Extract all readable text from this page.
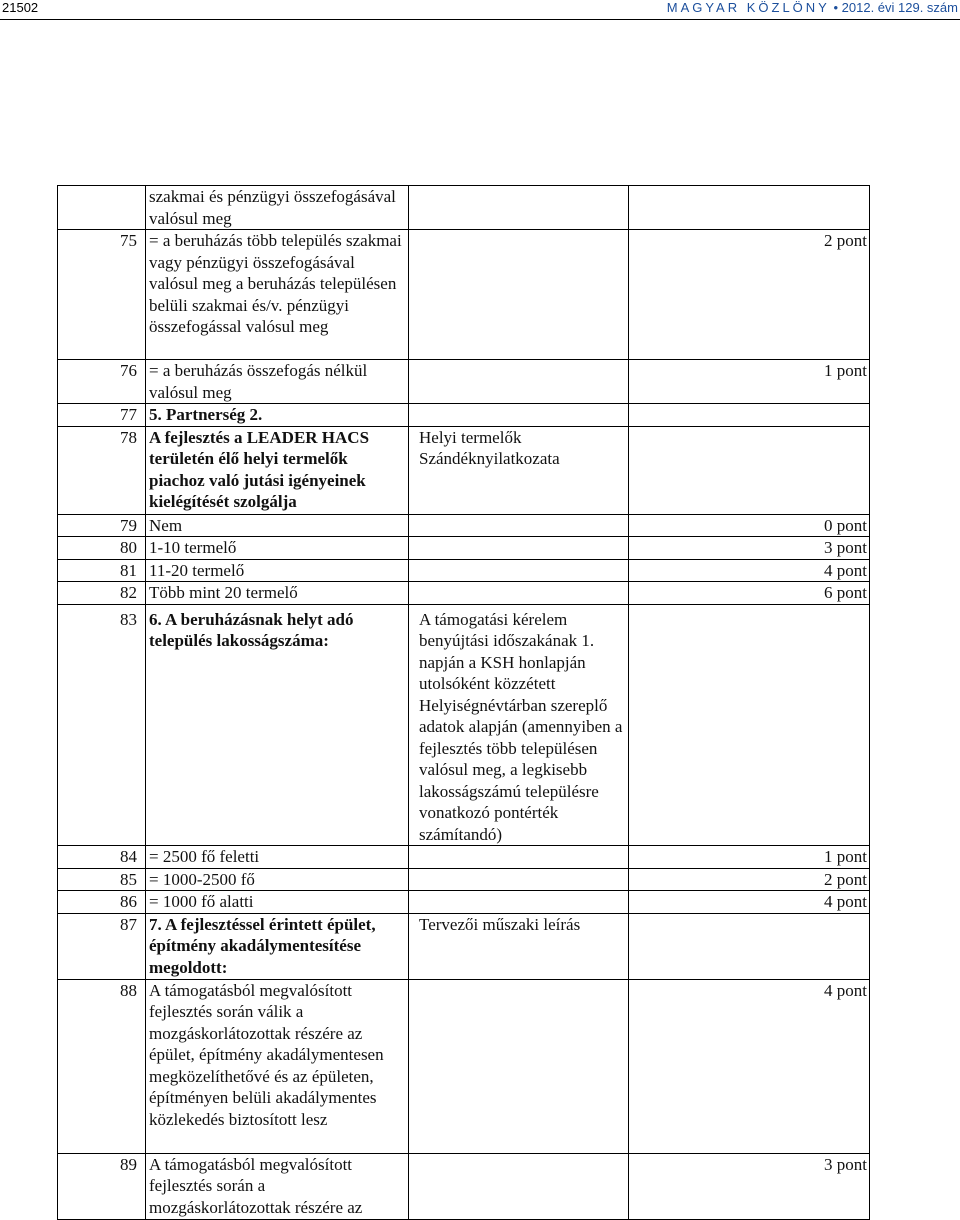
21502	MAGYAR KÖZLÖNY • 2012. évi 129. szám
	szakmai és pénzügyi összefogásával valósul meg		
75	= a beruházás több település szakmai vagy pénzügyi összefogásával valósul meg a beruházás településen belüli szakmai és/v. pénzügyi összefogással valósul meg		2 pont
76	= a beruházás összefogás nélkül valósul meg		1 pont
77	5. Partnerség 2.		
78	A fejlesztés a LEADER HACS területén élő helyi termelők piachoz való jutási igényeinek kielégítését szolgálja	Helyi termelők Szándéknyilatkozata	
79	Nem		0 pont
80	1-10 termelő		3 pont
81	11-20 termelő		4 pont
82	Több mint 20 termelő		6 pont
83	6. A beruházásnak helyt adó település lakosságszáma:	A támogatási kérelem benyújtási időszakának 1. napján a KSH honlapján utolsóként közzétett Helyiségnévtárban szereplő adatok alapján (amennyiben a fejlesztés több településen valósul meg, a legkisebb lakosságszámú településre vonatkozó pontérték számítandó)	
84	= 2500 fő feletti		1 pont
85	= 1000-2500 fő		2 pont
86	= 1000 fő alatti		4 pont
87	7. A fejlesztéssel érintett épület, építmény akadálymentesítése megoldott:	Tervezői műszaki leírás	
88	A támogatásból megvalósított fejlesztés során válik a mozgáskorlátozottak részére az épület, építmény akadálymentesen megközelíthetővé és az épületen, építményen belüli akadálymentes közlekedés biztosított lesz		4 pont
89	A támogatásból megvalósított fejlesztés során a mozgáskorlátozottak részére az		3 pont
